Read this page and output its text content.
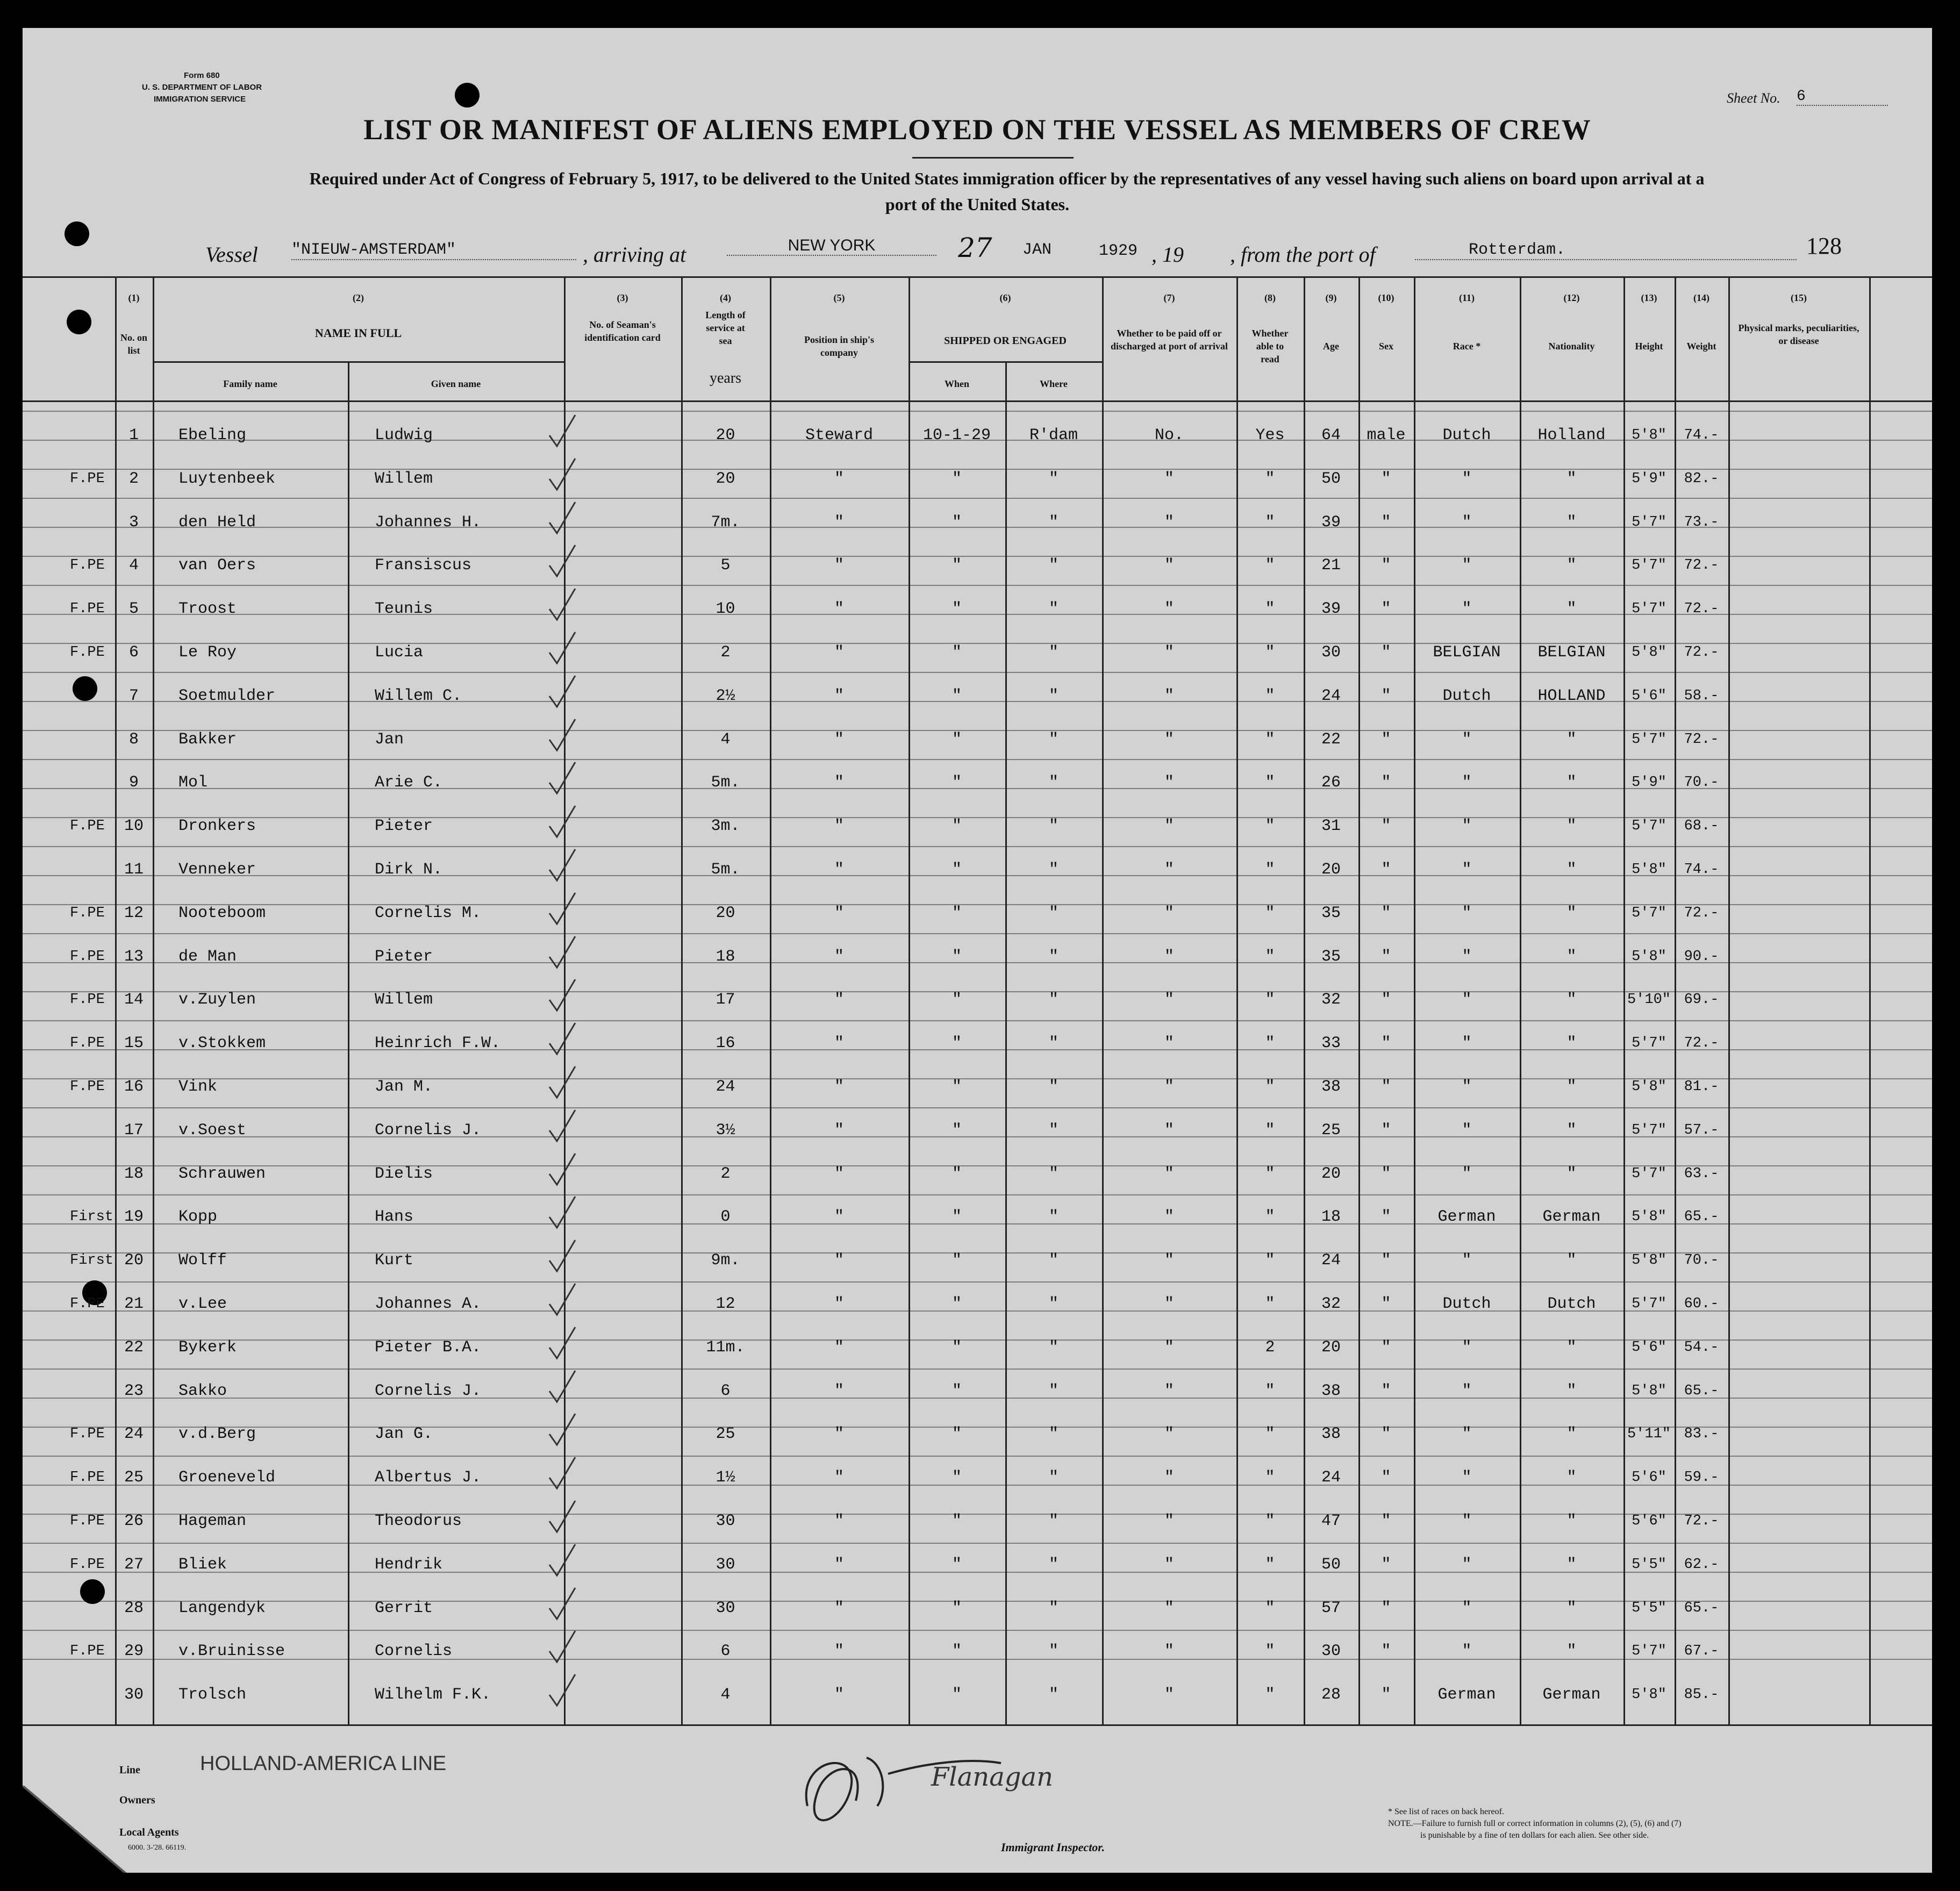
Form 680
U. S. DEPARTMENT OF LABOR
IMMIGRATION SERVICE	Sheet No. 6
LIST OR MANIFEST OF ALIENS EMPLOYED ON THE VESSEL AS MEMBERS OF CREW
Required under Act of Congress of February 5, 1917, to be delivered to the United States immigration officer by the representatives of any vessel having such aliens on board upon arrival at a
port of the United States.
Vessel "NIEUW-AMSTERDAM"	, arriving at	NEW YORK	27 JAN	1929 , 19 , from the port of	Rotterdam.	128
(1)
No. on list
(2)
NAME IN FULL
Family name	Given name
(3)
No. of Seaman's identification card
(4)
Length of service at sea
years
(5)
Position in ship's company
(6)
SHIPPED OR ENGAGED
When	Where
(7)
Whether to be paid off or discharged at port of arrival
(8)
Whether able to read
(9)
Age
(10)
Sex
(11)
Race *
(12)
Nationality
(13)
Height
(14)
Weight
(15)
Physical marks, peculiarities, or disease
1	Ebeling	Ludwig	20	Steward	10-1-29	R'dam	No.	Yes	64	male	Dutch	Holland	5'8"	74.-
F.PE	2	Luytenbeek	Willem	20	"	"	"	"	"	50	"	"	"	5'9"	82.-
3	den Held	Johannes H.	7m.	"	"	"	"	"	39	"	"	"	5'7"	73.-
F.PE	4	van Oers	Fransiscus	5	"	"	"	"	"	21	"	"	"	5'7"	72.-
F.PE	5	Troost	Teunis	10	"	"	"	"	"	39	"	"	"	5'7"	72.-
F.PE	6	Le Roy	Lucia	2	"	"	"	"	"	30	"	BELGIAN	BELGIAN	5'8"	72.-
7	Soetmulder	Willem C.	2½	"	"	"	"	"	24	"	Dutch	HOLLAND	5'6"	58.-
8	Bakker	Jan	4	"	"	"	"	"	22	"	"	"	5'7"	72.-
9	Mol	Arie C.	5m.	"	"	"	"	"	26	"	"	"	5'9"	70.-
F.PE	10	Dronkers	Pieter	3m.	"	"	"	"	"	31	"	"	"	5'7"	68.-
11	Venneker	Dirk N.	5m.	"	"	"	"	"	20	"	"	"	5'8"	74.-
F.PE	12	Nooteboom	Cornelis M.	20	"	"	"	"	"	35	"	"	"	5'7"	72.-
F.PE	13	de Man	Pieter	18	"	"	"	"	"	35	"	"	"	5'8"	90.-
F.PE	14	v.Zuylen	Willem	17	"	"	"	"	"	32	"	"	"	5'10" 69.-
F.PE	15	v.Stokkem	Heinrich F.W.	16	"	"	"	"	"	33	"	"	"	5'7"	72.-
F.PE	16	Vink	Jan M.	24	"	"	"	"	"	38	"	"	"	5'8"	81.-
17	v.Soest	Cornelis J.	3½	"	"	"	"	"	25	"	"	"	5'7"	57.-
18	Schrauwen	Dielis	2	"	"	"	"	"	20	"	"	"	5'7"	63.-
First 19	Kopp	Hans	0	"	"	"	"	"	18	"	German	German	5'8"	65.-
First 20	Wolff	Kurt	9m.	"	"	"	"	"	24	"	"	"	5'8"	70.-
F.PE	21	v.Lee	Johannes A.	12	"	"	"	"	"	32	"	Dutch	Dutch	5'7"	60.-
22	Bykerk	Pieter B.A.	11m.	"	"	"	"	2	20	"	"	"	5'6"	54.-
23	Sakko	Cornelis J.	6	"	"	"	"	"	38	"	"	"	5'8"	65.-
F.PE	24	v.d.Berg	Jan G.	25	"	"	"	"	"	38	"	"	"	5'11" 83.-
F.PE	25	Groeneveld	Albertus J.	1½	"	"	"	"	"	24	"	"	"	5'6"	59.-
F.PE	26	Hageman	Theodorus	30	"	"	"	"	"	47	"	"	"	5'6"	72.-
F.PE	27	Bliek	Hendrik	30	"	"	"	"	"	50	"	"	"	5'5"	62.-
28	Langendyk	Gerrit	30	"	"	"	"	"	57	"	"	"	5'5"	65.-
F.PE	29	v.Bruinisse	Cornelis	6	"	"	"	"	"	30	"	"	"	5'7"	67.-
30	Trolsch	Wilhelm F.K.	4	"	"	"	"	"	28	"	German	German	5'8"	85.-
Line	HOLLAND-AMERICA LINE
Owners
Local Agents
6000. 3-'28. 66119.
Flanagan
Immigrant Inspector.
* See list of races on back hereof.
NOTE.—Failure to furnish full or correct information in columns (2), (5), (6) and (7)
is punishable by a fine of ten dollars for each alien. See other side.
